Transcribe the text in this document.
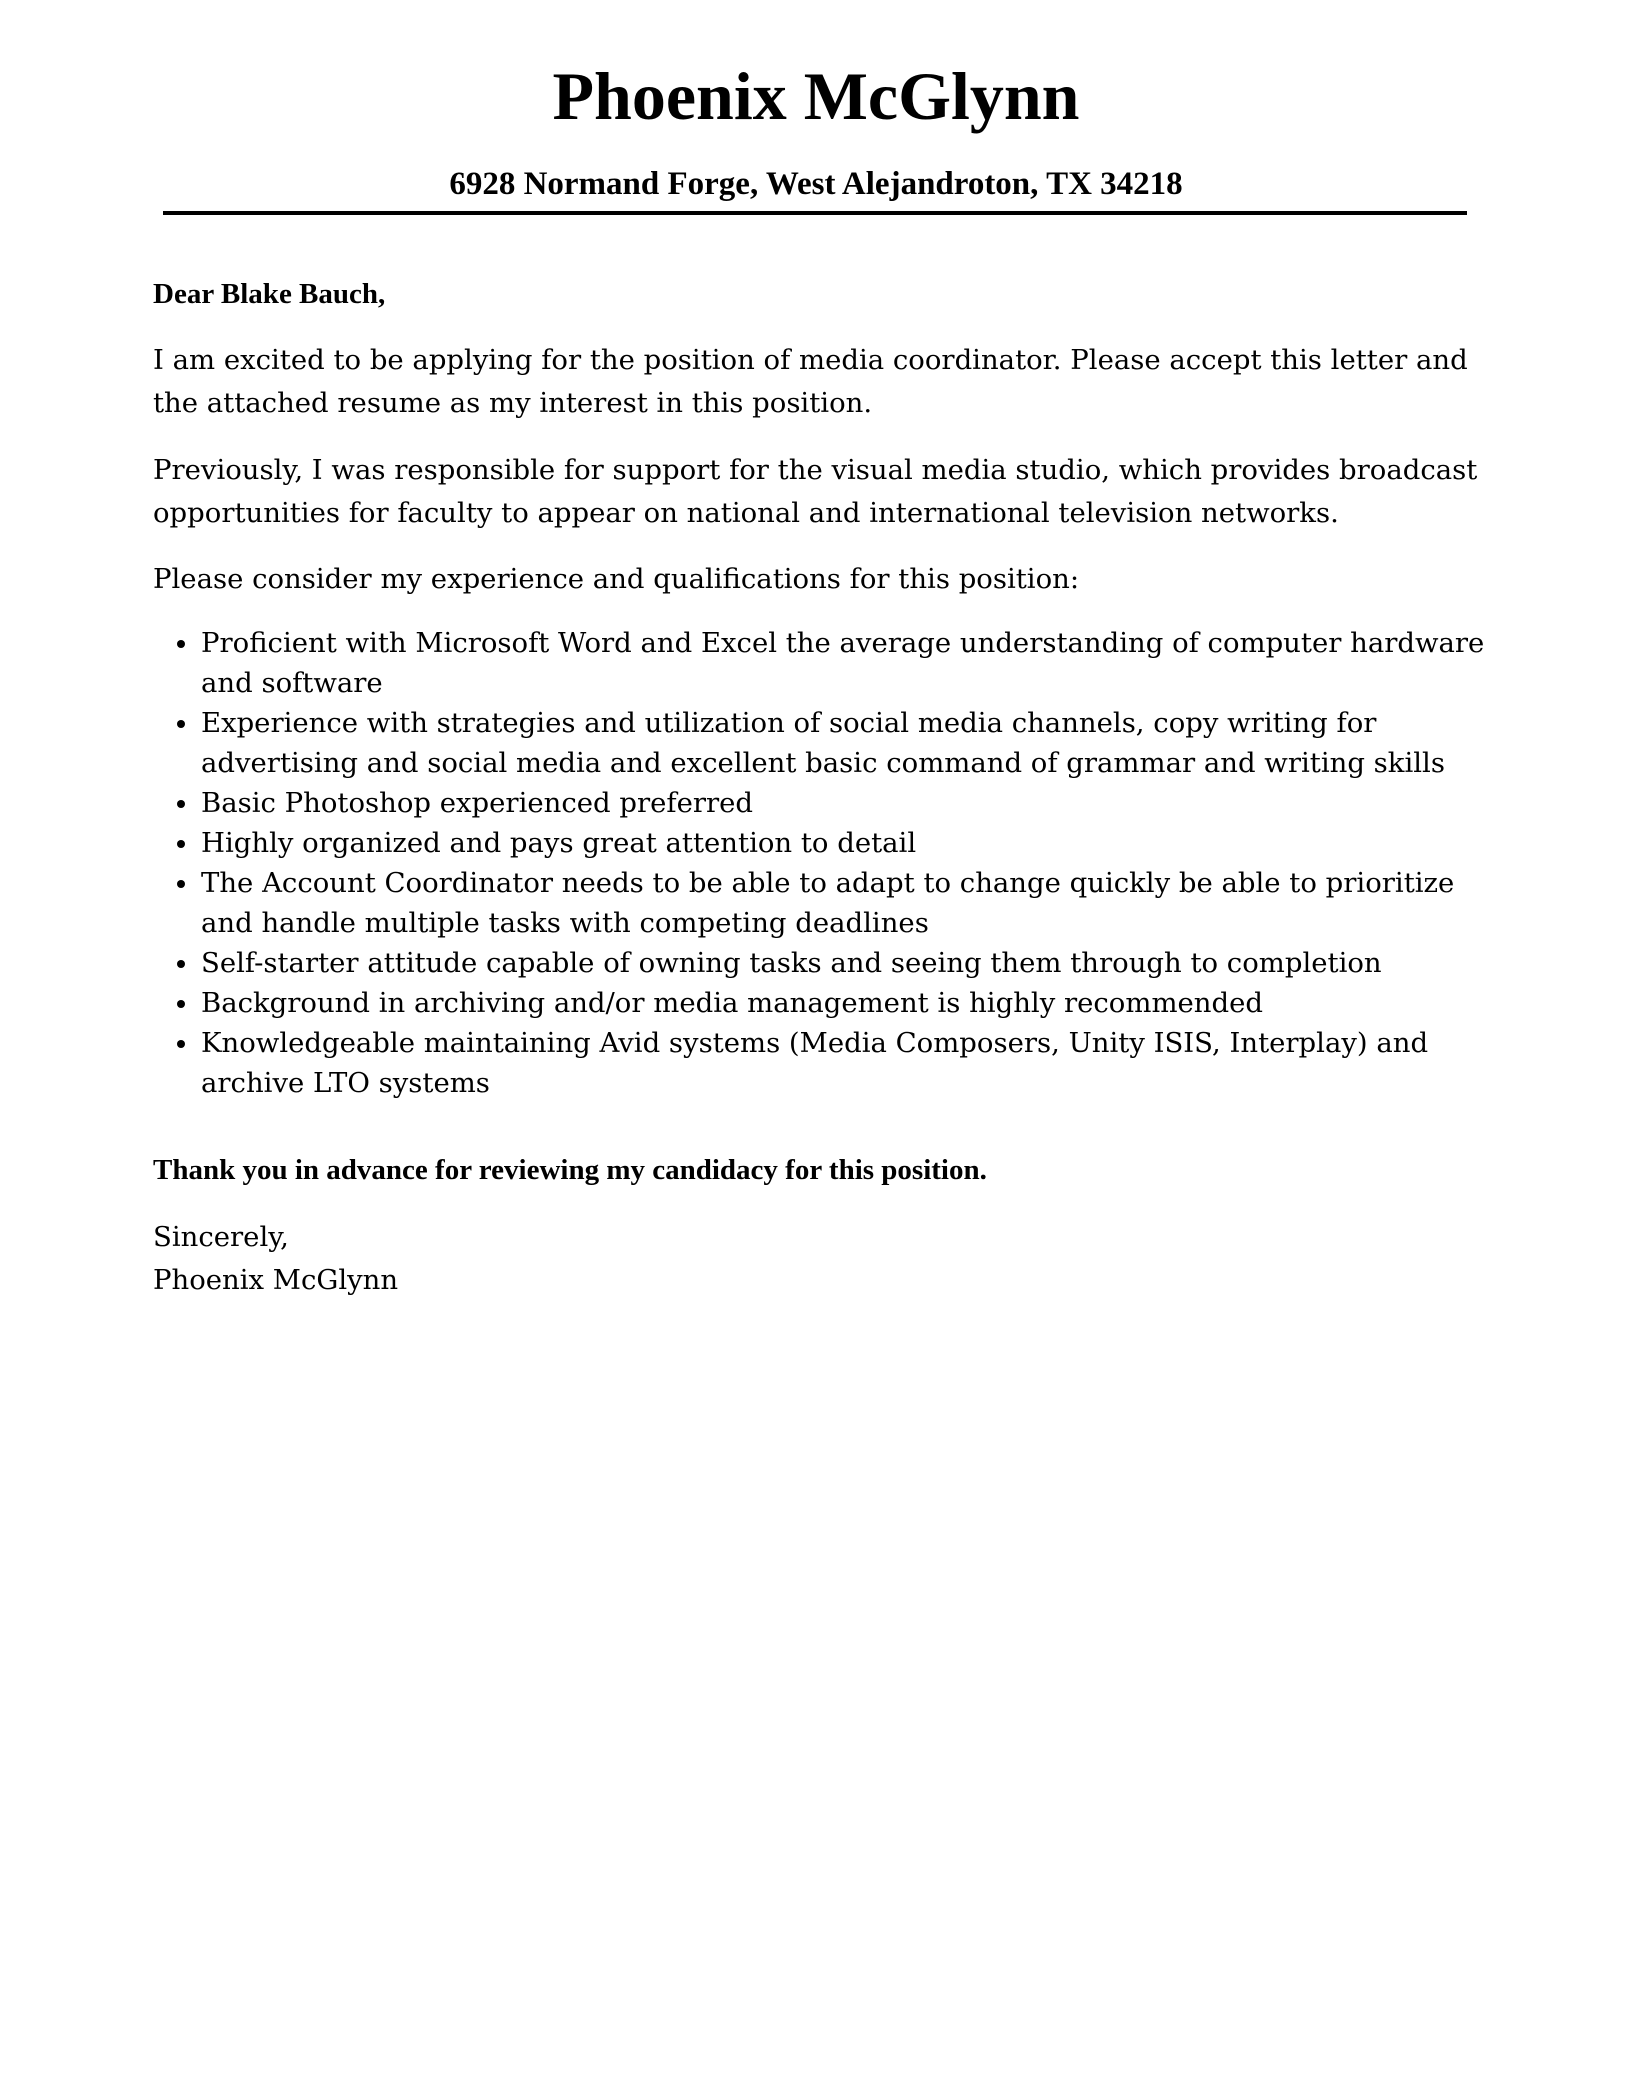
Phoenix McGlynn

6928 Normand Forge, West Alejandroton, TX 34218

Dear Blake Bauch,

I am excited to be applying for the position of media coordinator. Please accept this letter and the attached resume as my interest in this position.

Previously, I was responsible for support for the visual media studio, which provides broadcast opportunities for faculty to appear on national and international television networks.

Please consider my experience and qualifications for this position:

Proficient with Microsoft Word and Excel the average understanding of computer hardware and software
Experience with strategies and utilization of social media channels, copy writing for advertising and social media and excellent basic command of grammar and writing skills
Basic Photoshop experienced preferred
Highly organized and pays great attention to detail
The Account Coordinator needs to be able to adapt to change quickly be able to prioritize and handle multiple tasks with competing deadlines
Self-starter attitude capable of owning tasks and seeing them through to completion
Background in archiving and/or media management is highly recommended
Knowledgeable maintaining Avid systems (Media Composers, Unity ISIS, Interplay) and archive LTO systems

Thank you in advance for reviewing my candidacy for this position.

Sincerely,
Phoenix McGlynn
